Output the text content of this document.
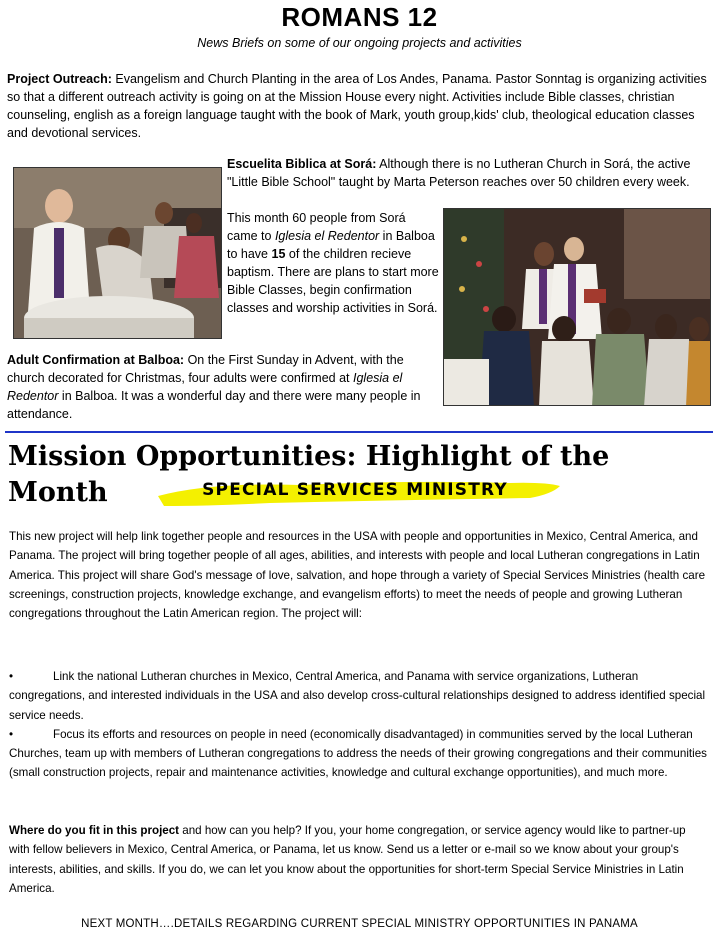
ROMANS 12
News Briefs on some of our ongoing projects and activities

Project Outreach: Evangelism and Church Planting in the area of Los Andes, Panama. Pastor Sonntag is organizing activities so that a different outreach activity is going on at the Mission House every night. Activities include Bible classes, christian counseling, english as a foreign language taught with the book of Mark, youth group,kids' club, theological education classes and devotional services.

Escuelita Biblica at Sorá: Although there is no Lutheran Church in Sorá, the active "Little Bible School" taught by Marta Peterson reaches over 50 children every week.

This month 60 people from Sorá came to Iglesia el Redentor in Balboa to have 15 of the children recieve baptism. There are plans to start more Bible Classes, begin confirmation classes and worship activities in Sorá.

Adult Confirmation at Balboa: On the First Sunday in Advent, with the church decorated for Christmas, four adults were confirmed at Iglesia el Redentor in Balboa. It was a wonderful day and there were many people in attendance.

Mission Opportunities: Highlight of the Month	SPECIAL SERVICES MINISTRY

This new project will help link together people and resources in the USA with people and opportunities in Mexico, Central America, and Panama. The project will bring together people of all ages, abilities, and interests with people and local Lutheran congregations in Latin America. This project will share God's message of love, salvation, and hope through a variety of Special Services Ministries (health care screenings, construction projects, knowledge exchange, and evangelism efforts) to meet the needs of people and growing Lutheran congregations throughout the Latin American region. The project will:

•	Link the national Lutheran churches in Mexico, Central America, and Panama with service organizations, Lutheran congregations, and interested individuals in the USA and also develop cross-cultural relationships designed to address identified special service needs.
•	Focus its efforts and resources on people in need (economically disadvantaged) in communities served by the local Lutheran Churches, team up with members of Lutheran congregations to address the needs of their growing congregations and their communities (small construction projects, repair and maintenance activities, knowledge and cultural exchange opportunities), and much more.

Where do you fit in this project and how can you help? If you, your home congregation, or service agency would like to partner-up with fellow believers in Mexico, Central America, or Panama, let us know. Send us a letter or e-mail so we know about your group's interests, abilities, and skills. If you do, we can let you know about the opportunities for short-term Special Service Ministries in Latin America.

NEXT MONTH….DETAILS REGARDING CURRENT SPECIAL MINISTRY OPPORTUNITIES IN PANAMA
